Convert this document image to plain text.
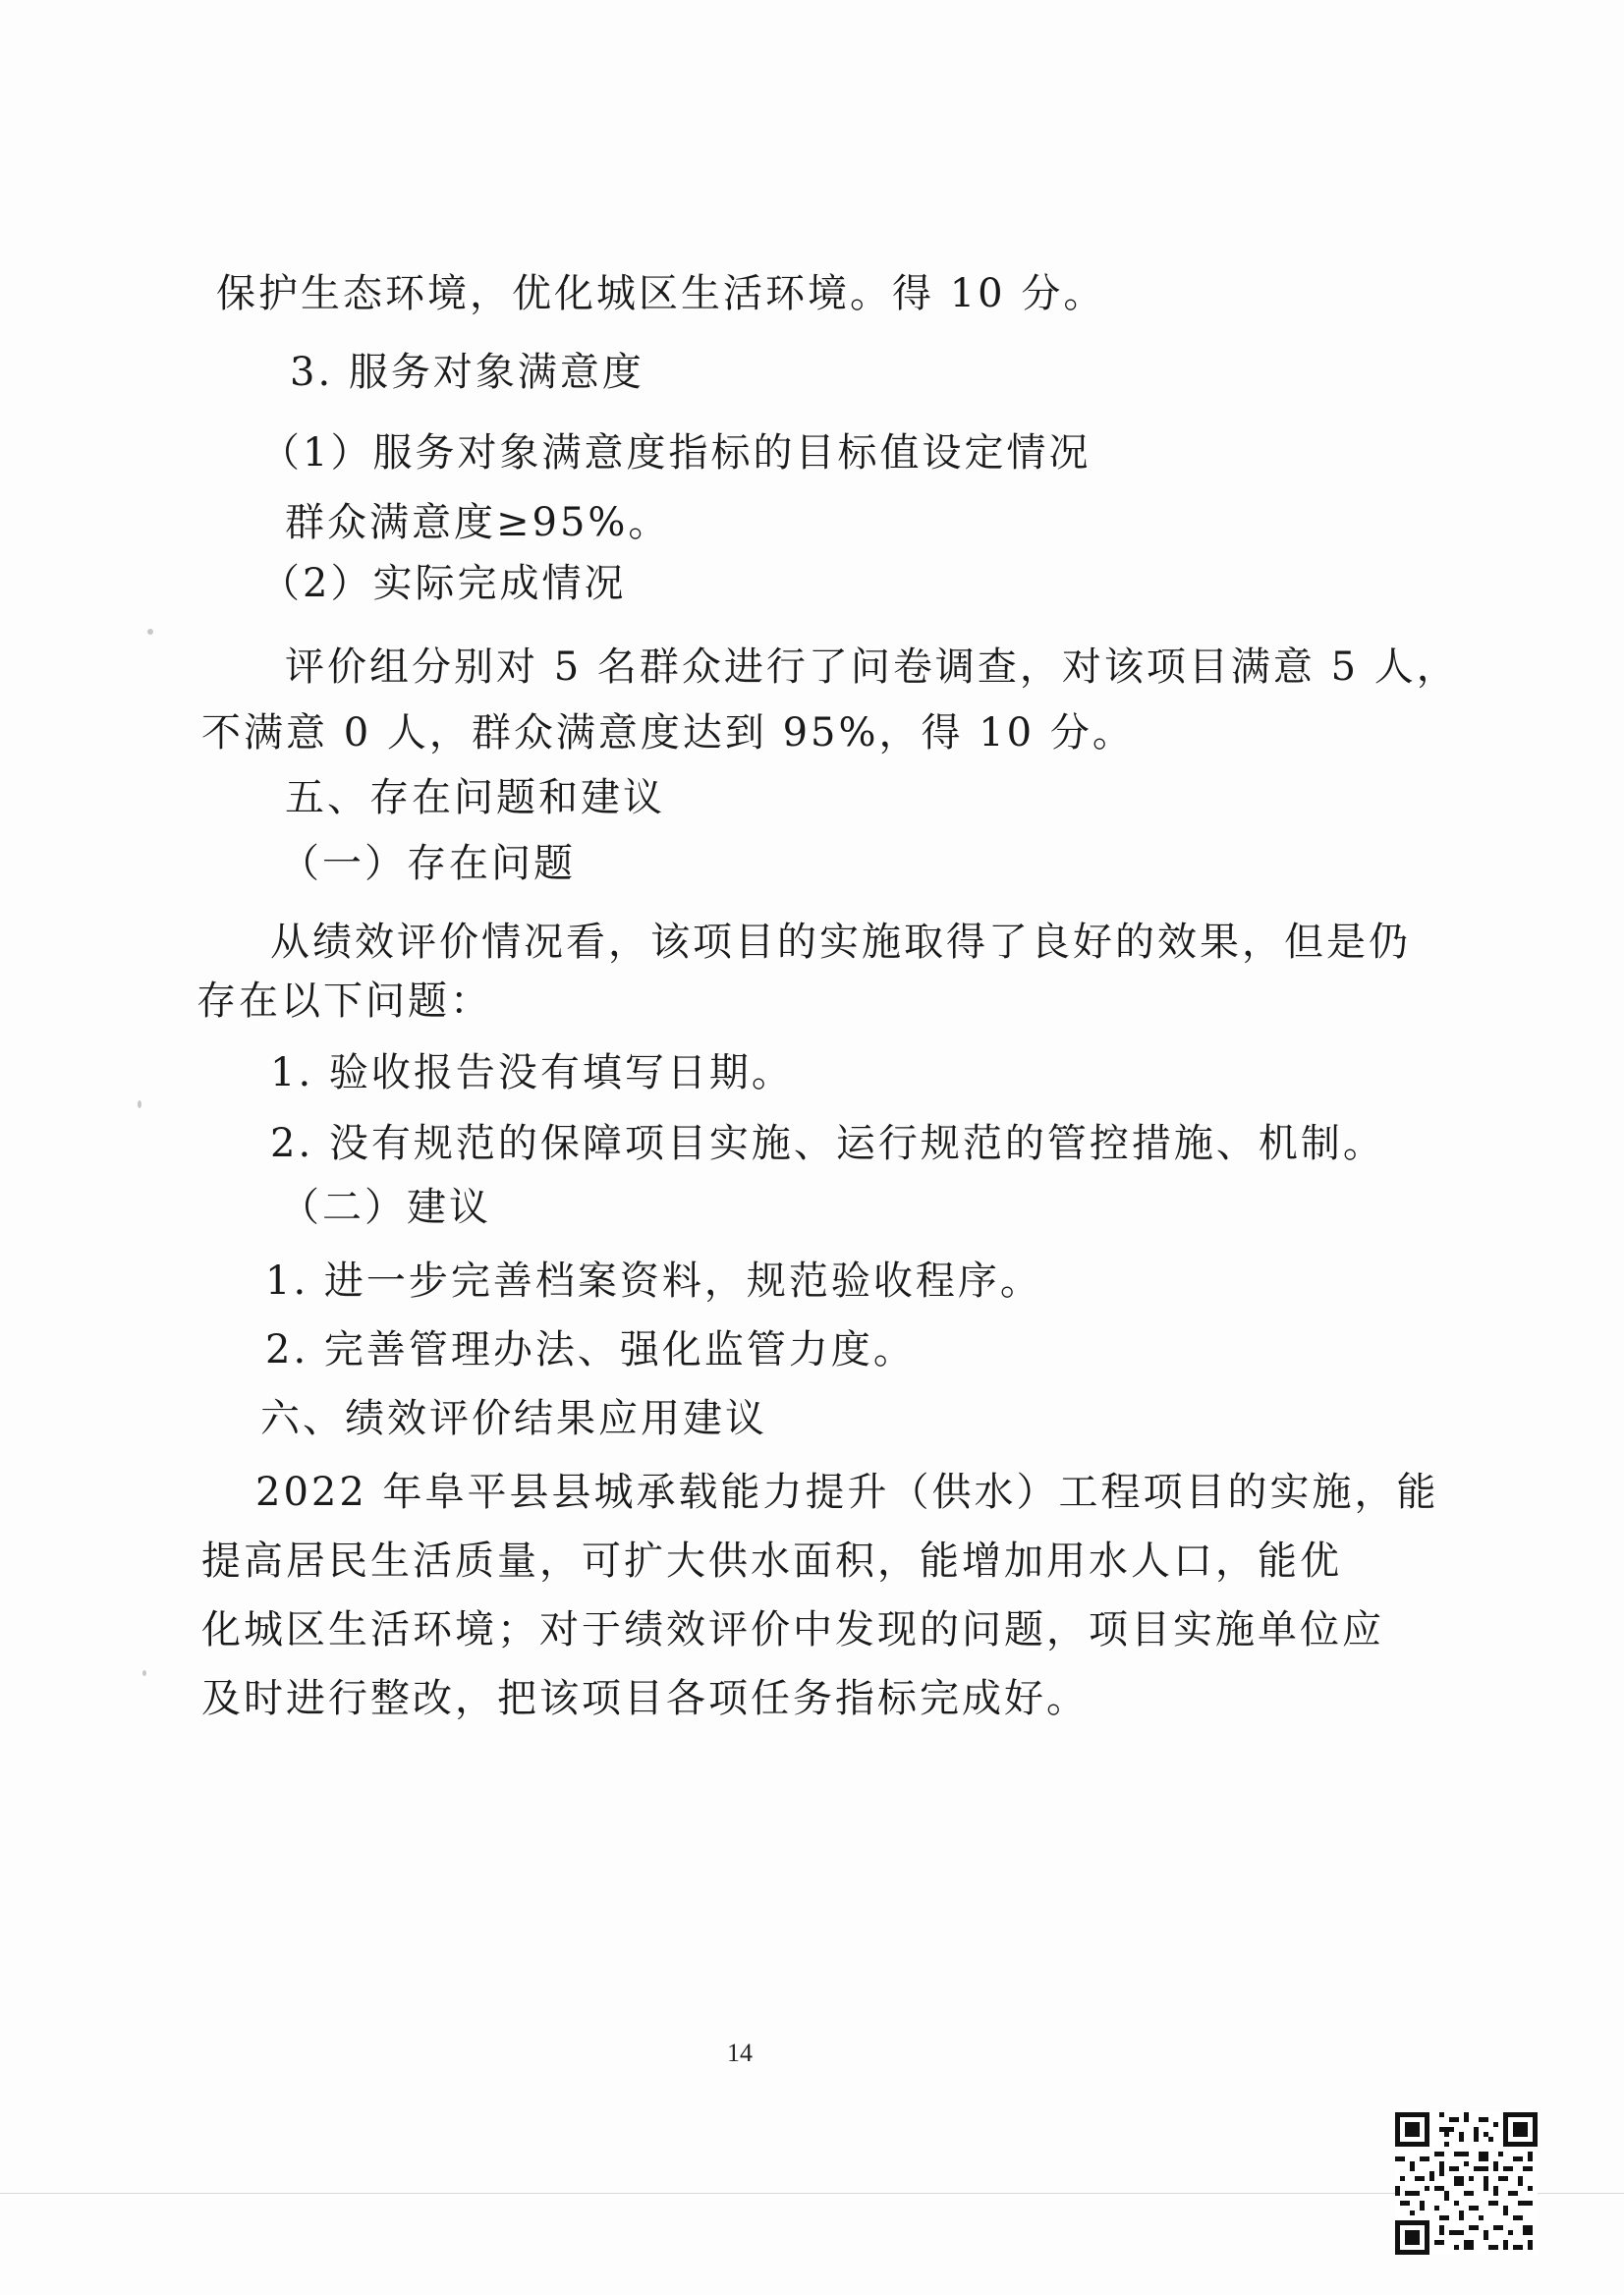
保护生态环境，优化城区生活环境。得 10 分。
3. 服务对象满意度
（1）服务对象满意度指标的目标值设定情况
群众满意度≥95%。
（2）实际完成情况
评价组分别对 5 名群众进行了问卷调查，对该项目满意 5 人，
不满意 0 人，群众满意度达到 95%，得 10 分。
五、存在问题和建议
（一）存在问题
从绩效评价情况看，该项目的实施取得了良好的效果，但是仍
存在以下问题：
1. 验收报告没有填写日期。
2. 没有规范的保障项目实施、运行规范的管控措施、机制。
（二）建议
1. 进一步完善档案资料，规范验收程序。
2. 完善管理办法、强化监管力度。
六、绩效评价结果应用建议
2022 年阜平县县城承载能力提升（供水）工程项目的实施，能
提高居民生活质量，可扩大供水面积，能增加用水人口，能优
化城区生活环境；对于绩效评价中发现的问题，项目实施单位应
及时进行整改，把该项目各项任务指标完成好。
14
